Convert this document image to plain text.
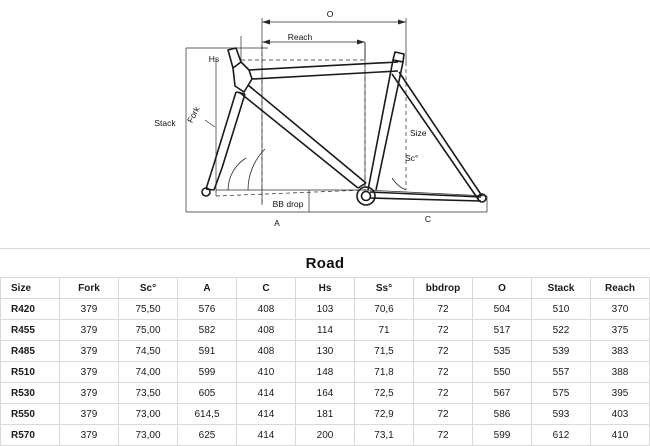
O
Reach
Hs
Stack Fork
Size
Sc°
BB drop
A	C
Road
Size	Fork	Sc°	A	C	Hs	Ss°	bbdrop	O	Stack	Reach
R420	379	75,50	576	408	103	70,6	72	504	510	370
R455	379	75,00	582	408	114	71	72	517	522	375
R485	379	74,50	591	408	130	71,5	72	535	539	383
R510	379	74,00	599	410	148	71,8	72	550	557	388
R530	379	73,50	605	414	164	72,5	72	567	575	395
R550	379	73,00	614,5	414	181	72,9	72	586	593	403
R570	379	73,00	625	414	200	73,1	72	599	612	410
